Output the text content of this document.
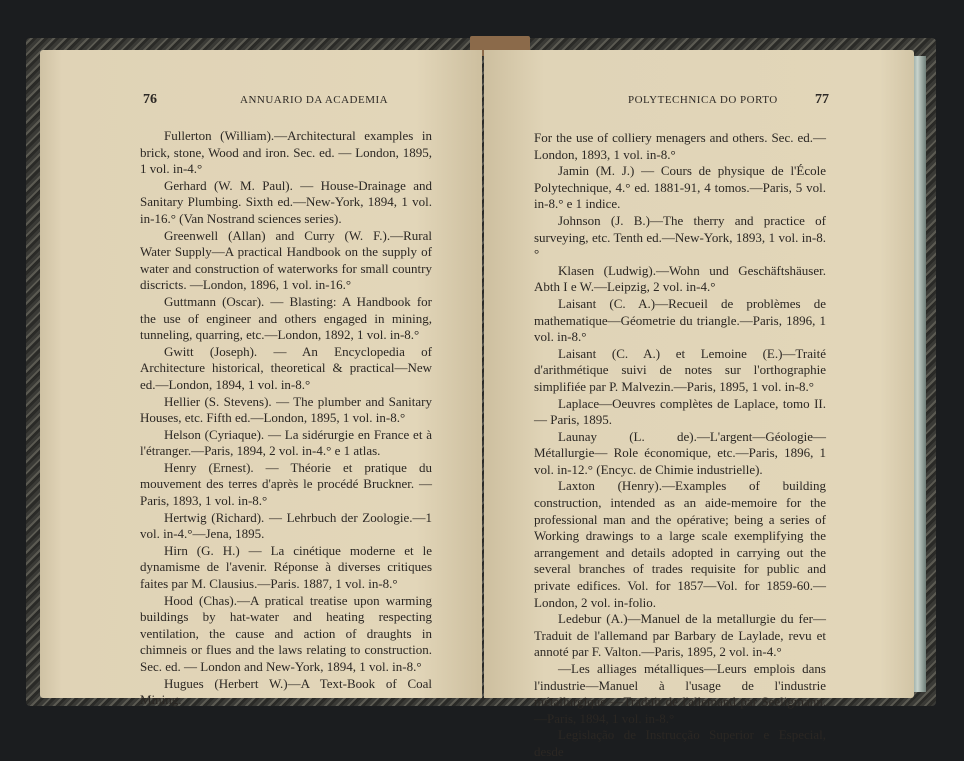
76	ANNUARIO DA ACADEMIA	POLYTECHNICA DO PORTO	77

Fullerton (William).—Architectural examples in brick, stone, Wood and iron. Sec. ed. — London, 1895, 1 vol. in-4.°

Gerhard (W. M. Paul). — House-Drainage and Sanitary Plumbing. Sixth ed.—New-York, 1894, 1 vol. in-16.° (Van Nostrand sciences series).

Greenwell (Allan) and Curry (W. F.).—Rural Water Supply—A practical Handbook on the supply of water and construction of waterworks for small country discricts. —London, 1896, 1 vol. in-16.°

Guttmann (Oscar). — Blasting: A Handbook for the use of engineer and others engaged in mining, tunneling, quarring, etc.—London, 1892, 1 vol. in-8.°

Gwitt (Joseph). — An Encyclopedia of Architecture historical, theoretical & practical—New ed.—London, 1894, 1 vol. in-8.°

Hellier (S. Stevens). — The plumber and Sanitary Houses, etc. Fifth ed.—London, 1895, 1 vol. in-8.°

Helson (Cyriaque). — La sidérurgie en France et à l'étranger.—Paris, 1894, 2 vol. in-4.° e 1 atlas.

Henry (Ernest). — Théorie et pratique du mouvement des terres d'après le procédé Bruckner. — Paris, 1893, 1 vol. in-8.°

Hertwig (Richard). — Lehrbuch der Zoologie.—1 vol. in-4.°—Jena, 1895.

Hirn (G. H.) — La cinétique moderne et le dynamisme de l'avenir. Réponse à diverses critiques faites par M. Clausius.—Paris. 1887, 1 vol. in-8.°

Hood (Chas).—A pratical treatise upon warming buildings by hat-water and heating respecting ventilation, the cause and action of draughts in chimneis or flues and the laws relating to construction. Sec. ed. — London and New-York, 1894, 1 vol. in-8.°

Hugues (Herbert W.)—A Text-Book of Coal Mining.

For the use of colliery menagers and others. Sec. ed.— London, 1893, 1 vol. in-8.°

Jamin (M. J.) — Cours de physique de l'École Polytechnique, 4.° ed. 1881-91, 4 tomos.—Paris, 5 vol. in-8.° e 1 indice.

Johnson (J. B.)—The therry and practice of surveying, etc. Tenth ed.—New-York, 1893, 1 vol. in-8.°

Klasen (Ludwig).—Wohn und Geschäftshäuser. Abth I e W.—Leipzig, 2 vol. in-4.°

Laisant (C. A.)—Recueil de problèmes de mathematique—Géometrie du triangle.—Paris, 1896, 1 vol. in-8.°

Laisant (C. A.) et Lemoine (E.)—Traité d'arithmétique suivi de notes sur l'orthographie simplifiée par P. Malvezin.—Paris, 1895, 1 vol. in-8.°

Laplace—Oeuvres complètes de Laplace, tomo II.— Paris, 1895.

Launay (L. de).—L'argent—Géologie—Métallurgie— Role économique, etc.—Paris, 1896, 1 vol. in-12.° (Encyc. de Chimie industrielle).

Laxton (Henry).—Examples of building construction, intended as an aide-memoire for the professional man and the opérative; being a series of Working drawings to a large scale exemplifying the arrangement and details adopted in carrying out the several branches of trades requisite for public and private edifices. Vol. for 1857—Vol. for 1859-60.—London, 2 vol. in-folio.

Ledebur (A.)—Manuel de la metallurgie du fer— Traduit de l'allemand par Barbary de Laylade, revu et annoté par F. Valton.—Paris, 1895, 2 vol. in-4.°

—Les alliages métalliques—Leurs emplois dans l'industrie—Manuel à l'usage de l'industrie métallurgique —Traduit de l'allemand par Seeligmann.—Paris, 1894, 1 vol. in-8.°

Legislação de Instrucção Superior e Especial, desde
